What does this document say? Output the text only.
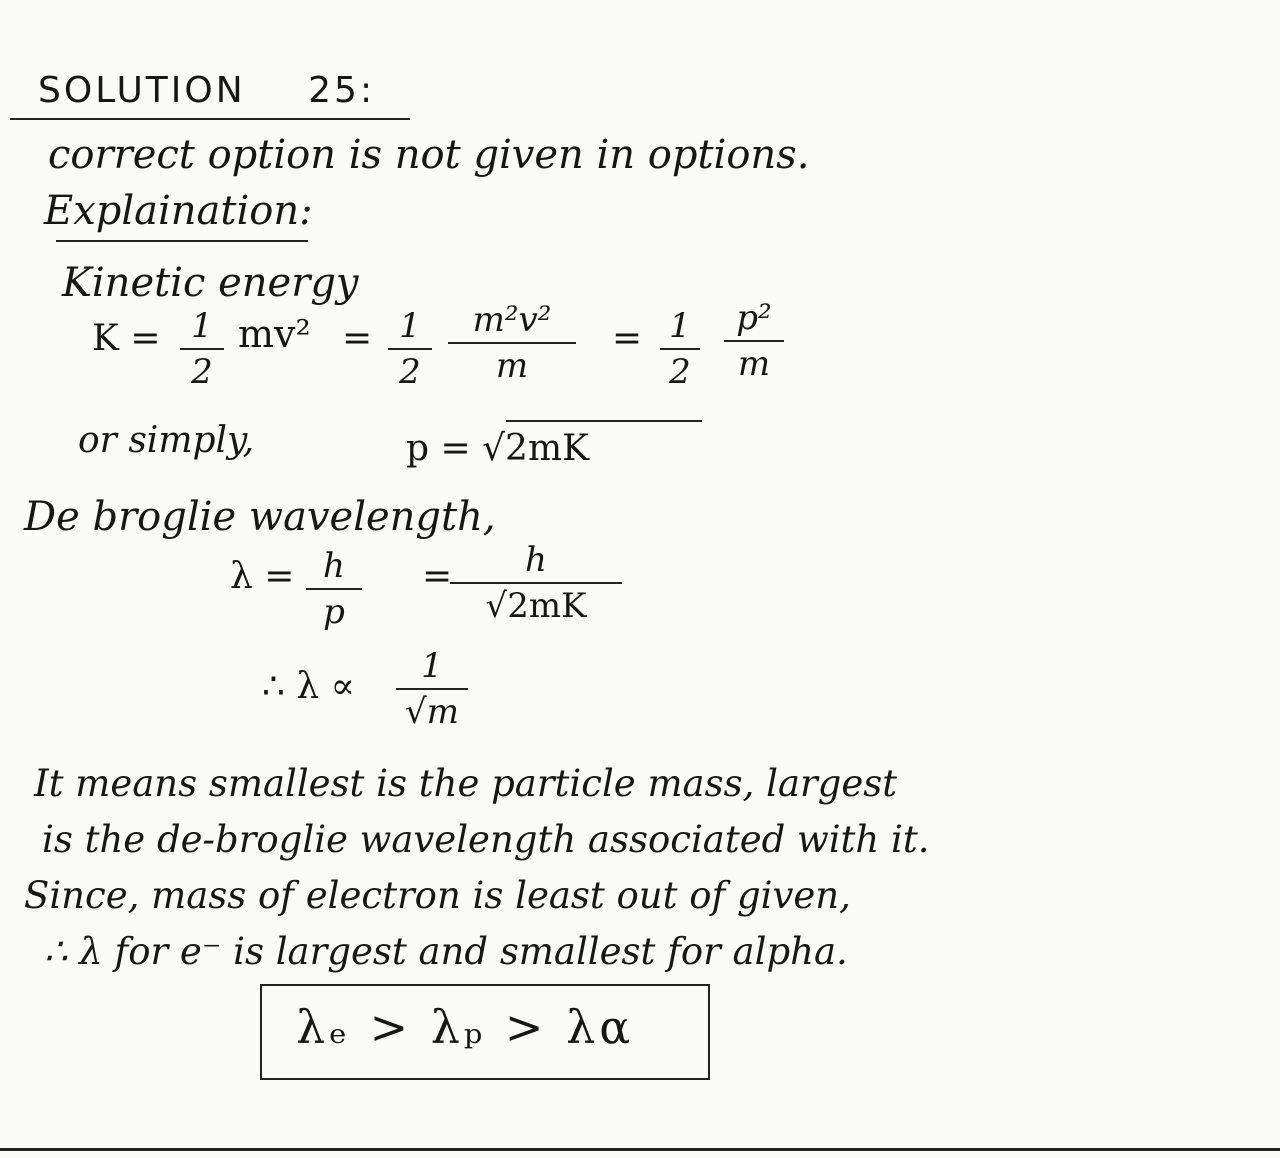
SOLUTION 25:
correct option is not given in options.
Explaination:
Kinetic energy
K = 1
2
mv² = 1
2
m²v²
m
= 1
2
p²
m
or simply,	p = √2mK
De broglie wavelength,
λ = h
p
= h
√2mK
∴ λ ∝ 1
√m
It means smallest is the particle mass, largest
is the de-broglie wavelength associated with it.
Since, mass of electron is least out of given,
∴ λ for e⁻ is largest and smallest for alpha.
λₑ > λₚ > λα
